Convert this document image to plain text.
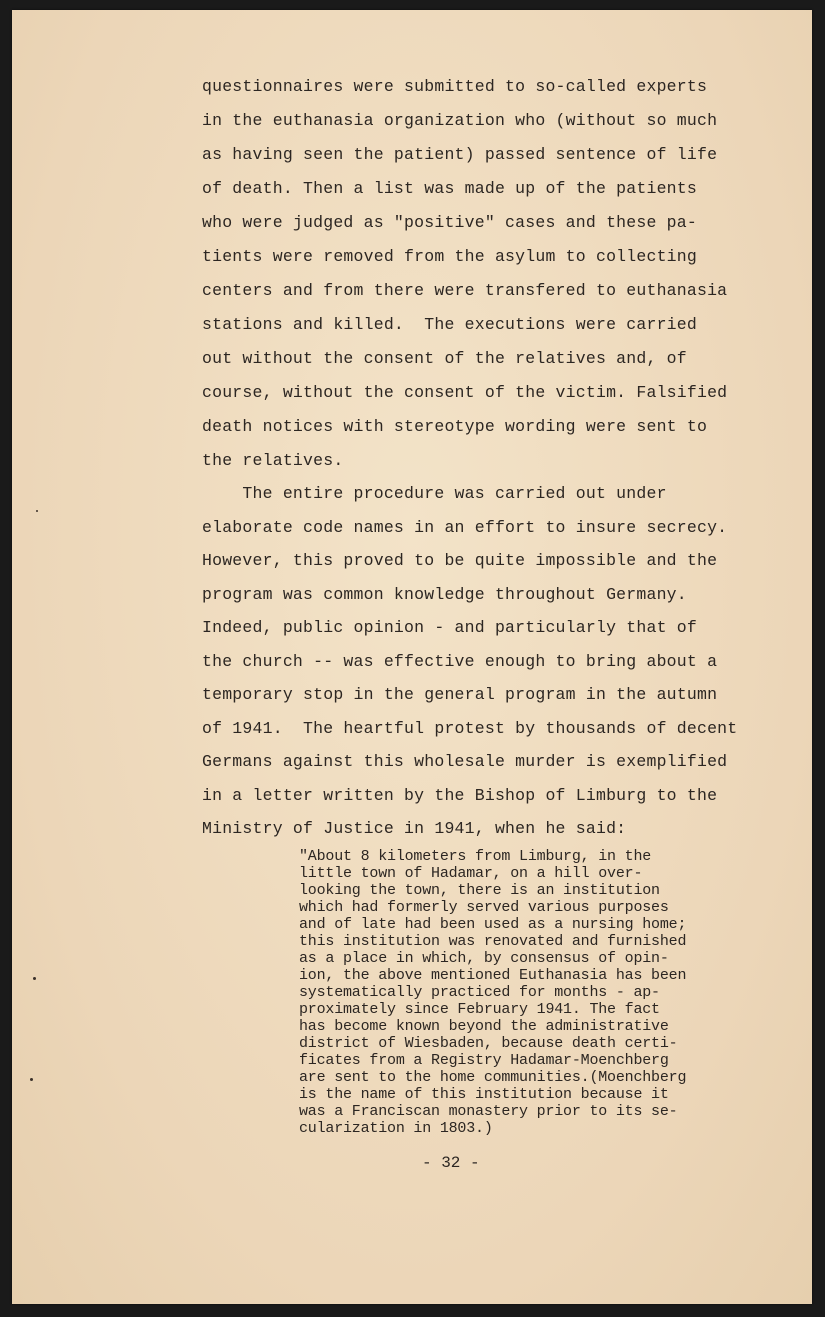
questionnaires were submitted to so-called experts
in the euthanasia organization who (without so much
as having seen the patient) passed sentence of life
of death. Then a list was made up of the patients
who were judged as "positive" cases and these pa-
tients were removed from the asylum to collecting
centers and from there were transfered to euthanasia
stations and killed.  The executions were carried
out without the consent of the relatives and, of
course, without the consent of the victim. Falsified
death notices with stereotype wording were sent to
the relatives.
The entire procedure was carried out under
elaborate code names in an effort to insure secrecy.
However, this proved to be quite impossible and the
program was common knowledge throughout Germany.
Indeed, public opinion - and particularly that of
the church -- was effective enough to bring about a
temporary stop in the general program in the autumn
of 1941.  The heartful protest by thousands of decent
Germans against this wholesale murder is exemplified
in a letter written by the Bishop of Limburg to the
Ministry of Justice in 1941, when he said:
"About 8 kilometers from Limburg, in the
little town of Hadamar, on a hill over-
looking the town, there is an institution
which had formerly served various purposes
and of late had been used as a nursing home;
this institution was renovated and furnished
as a place in which, by consensus of opin-
ion, the above mentioned Euthanasia has been
systematically practiced for months - ap-
proximately since February 1941. The fact
has become known beyond the administrative
district of Wiesbaden, because death certi-
ficates from a Registry Hadamar-Moenchberg
are sent to the home communities.(Moenchberg
is the name of this institution because it
was a Franciscan monastery prior to its se-
cularization in 1803.)
- 32 -
